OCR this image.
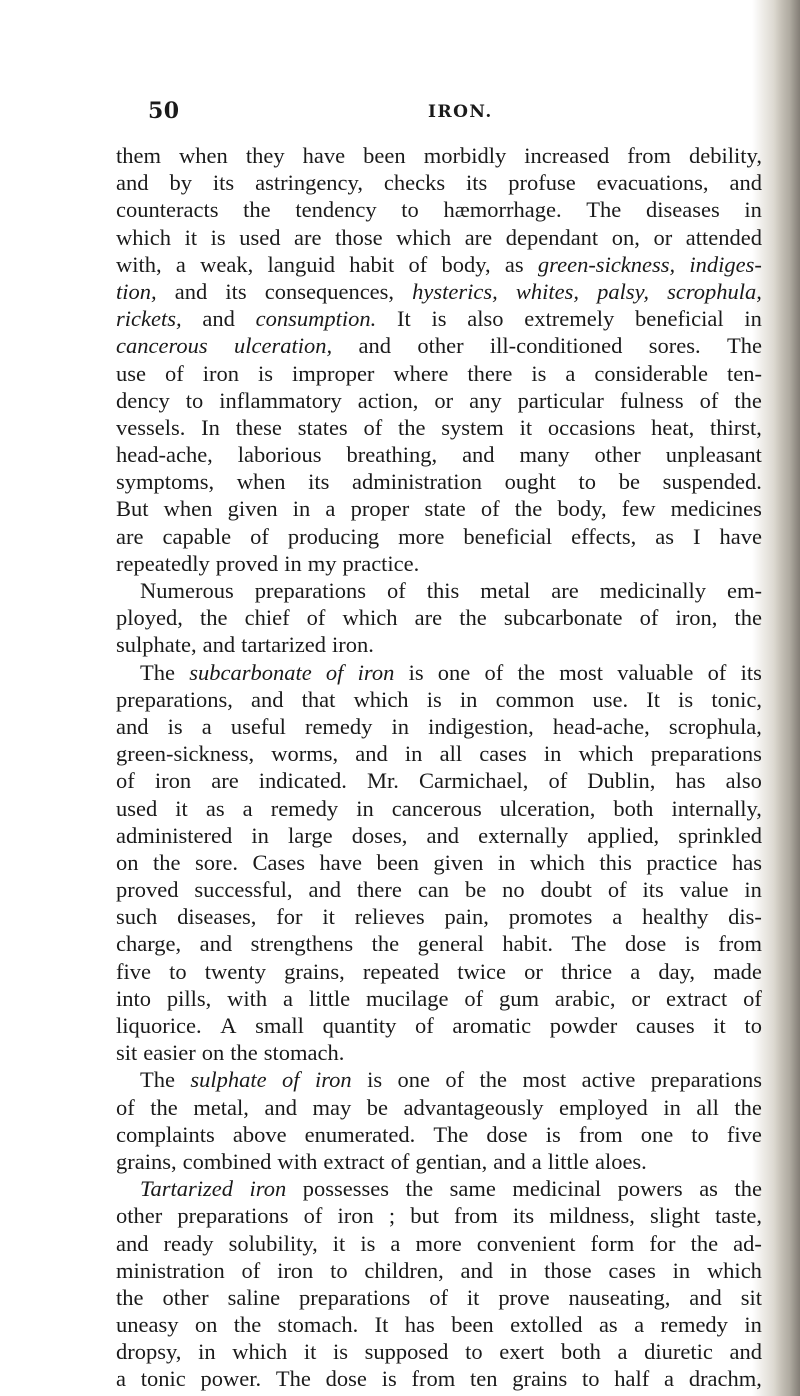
50	IRON.
them when they have been morbidly increased from debility,
and by its astringency, checks its profuse evacuations, and
counteracts the tendency to hæmorrhage. The diseases in
which it is used are those which are dependant on, or attended
with, a weak, languid habit of body, as green-sickness, indiges-
tion, and its consequences, hysterics, whites, palsy, scrophula,
rickets, and consumption. It is also extremely beneficial in
cancerous ulceration, and other ill-conditioned sores. The
use of iron is improper where there is a considerable ten-
dency to inflammatory action, or any particular fulness of the
vessels. In these states of the system it occasions heat, thirst,
head-ache, laborious breathing, and many other unpleasant
symptoms, when its administration ought to be suspended.
But when given in a proper state of the body, few medicines
are capable of producing more beneficial effects, as I have
repeatedly proved in my practice.
Numerous preparations of this metal are medicinally em-
ployed, the chief of which are the subcarbonate of iron, the
sulphate, and tartarized iron.
The subcarbonate of iron is one of the most valuable of its
preparations, and that which is in common use. It is tonic,
and is a useful remedy in indigestion, head-ache, scrophula,
green-sickness, worms, and in all cases in which preparations
of iron are indicated. Mr. Carmichael, of Dublin, has also
used it as a remedy in cancerous ulceration, both internally,
administered in large doses, and externally applied, sprinkled
on the sore. Cases have been given in which this practice has
proved successful, and there can be no doubt of its value in
such diseases, for it relieves pain, promotes a healthy dis-
charge, and strengthens the general habit. The dose is from
five to twenty grains, repeated twice or thrice a day, made
into pills, with a little mucilage of gum arabic, or extract of
liquorice. A small quantity of aromatic powder causes it to
sit easier on the stomach.
The sulphate of iron is one of the most active preparations
of the metal, and may be advantageously employed in all the
complaints above enumerated. The dose is from one to five
grains, combined with extract of gentian, and a little aloes.
Tartarized iron possesses the same medicinal powers as the
other preparations of iron ; but from its mildness, slight taste,
and ready solubility, it is a more convenient form for the ad-
ministration of iron to children, and in those cases in which
the other saline preparations of it prove nauseating, and sit
uneasy on the stomach. It has been extolled as a remedy in
dropsy, in which it is supposed to exert both a diuretic and
a tonic power. The dose is from ten grains to half a drachm,
